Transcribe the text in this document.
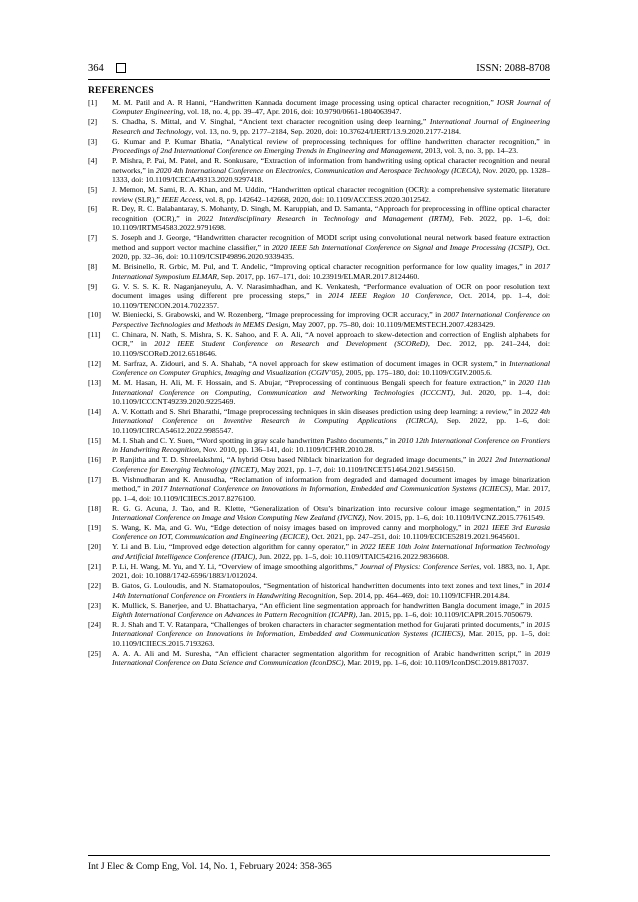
364	ISSN: 2088-8708
REFERENCES
[1]	M. M. Patil and A. R Hanni, “Handwritten Kannada document image processing using optical character recognition,” IOSR Journal of Computer Engineering, vol. 18, no. 4, pp. 39–47, Apr. 2016, doi: 10.9790/0661-1804063947.
[2]	S. Chadha, S. Mittal, and V. Singhal, “Ancient text character recognition using deep learning,” International Journal of Engineering Research and Technology, vol. 13, no. 9, pp. 2177–2184, Sep. 2020, doi: 10.37624/IJERT/13.9.2020.2177-2184.
[3]	G. Kumar and P. Kumar Bhatia, “Analytical review of preprocessing techniques for offline handwritten character recognition,” in Proceedings of 2nd International Conference on Emerging Trends in Engineering and Management, 2013, vol. 3, no. 3, pp. 14–23.
[4]	P. Mishra, P. Pai, M. Patel, and R. Sonkusare, “Extraction of information from handwriting using optical character recognition and neural networks,” in 2020 4th International Conference on Electronics, Communication and Aerospace Technology (ICECA), Nov. 2020, pp. 1328–1333, doi: 10.1109/ICECA49313.2020.9297418.
[5]	J. Memon, M. Sami, R. A. Khan, and M. Uddin, “Handwritten optical character recognition (OCR): a comprehensive systematic literature review (SLR),” IEEE Access, vol. 8, pp. 142642–142668, 2020, doi: 10.1109/ACCESS.2020.3012542.
[6]	R. Dey, R. C. Balabantaray, S. Mohanty, D. Singh, M. Karuppiah, and D. Samanta, “Approach for preprocessing in offline optical character recognition (OCR),” in 2022 Interdisciplinary Research in Technology and Management (IRTM), Feb. 2022, pp. 1–6, doi: 10.1109/IRTM54583.2022.9791698.
[7]	S. Joseph and J. George, “Handwritten character recognition of MODI script using convolutional neural network based feature extraction method and support vector machine classifier,” in 2020 IEEE 5th International Conference on Signal and Image Processing (ICSIP), Oct. 2020, pp. 32–36, doi: 10.1109/ICSIP49896.2020.9339435.
[8]	M. Brisinello, R. Grbic, M. Pul, and T. Andelic, “Improving optical character recognition performance for low quality images,” in 2017 International Symposium ELMAR, Sep. 2017, pp. 167–171, doi: 10.23919/ELMAR.2017.8124460.
[9]	G. V. S. S. K. R. Naganjaneyulu, A. V. Narasimhadhan, and K. Venkatesh, “Performance evaluation of OCR on poor resolution text document images using different pre processing steps,” in 2014 IEEE Region 10 Conference, Oct. 2014, pp. 1–4, doi: 10.1109/TENCON.2014.7022357.
[10]	W. Bieniecki, S. Grabowski, and W. Rozenberg, “Image preprocessing for improving OCR accuracy,” in 2007 International Conference on Perspective Technologies and Methods in MEMS Design, May 2007, pp. 75–80, doi: 10.1109/MEMSTECH.2007.4283429.
[11]	C. Chinara, N. Nath, S. Mishra, S. K. Sahoo, and F. A. Ali, “A novel approach to skew-detection and correction of English alphabets for OCR,” in 2012 IEEE Student Conference on Research and Development (SCOReD), Dec. 2012, pp. 241–244, doi: 10.1109/SCOReD.2012.6518646.
[12]	M. Sarfraz, A. Zidouri, and S. A. Shahab, “A novel approach for skew estimation of document images in OCR system,” in International Conference on Computer Graphics, Imaging and Visualization (CGIV’05), 2005, pp. 175–180, doi: 10.1109/CGIV.2005.6.
[13]	M. M. Hasan, H. Ali, M. F. Hossain, and S. Abujar, “Preprocessing of continuous Bengali speech for feature extraction,” in 2020 11th International Conference on Computing, Communication and Networking Technologies (ICCCNT), Jul. 2020, pp. 1–4, doi: 10.1109/ICCCNT49239.2020.9225469.
[14]	A. V. Kottath and S. Shri Bharathi, “Image preprocessing techniques in skin diseases prediction using deep learning: a review,” in 2022 4th International Conference on Inventive Research in Computing Applications (ICIRCA), Sep. 2022, pp. 1–6, doi: 10.1109/ICIRCA54612.2022.9985547.
[15]	M. I. Shah and C. Y. Suen, “Word spotting in gray scale handwritten Pashto documents,” in 2010 12th International Conference on Frontiers in Handwriting Recognition, Nov. 2010, pp. 136–141, doi: 10.1109/ICFHR.2010.28.
[16]	P. Ranjitha and T. D. Shreelakshmi, “A hybrid Otsu based Niblack binarization for degraded image documents,” in 2021 2nd International Conference for Emerging Technology (INCET), May 2021, pp. 1–7, doi: 10.1109/INCET51464.2021.9456150.
[17]	B. Vishnudharan and K. Anusudha, “Reclamation of information from degraded and damaged document images by image binarization method,” in 2017 International Conference on Innovations in Information, Embedded and Communication Systems (ICIIECS), Mar. 2017, pp. 1–4, doi: 10.1109/ICIIECS.2017.8276100.
[18]	R. G. G. Acuna, J. Tao, and R. Klette, “Generalization of Otsu’s binarization into recursive colour image segmentation,” in 2015 International Conference on Image and Vision Computing New Zealand (IVCNZ), Nov. 2015, pp. 1–6, doi: 10.1109/IVCNZ.2015.7761549.
[19]	S. Wang, K. Ma, and G. Wu, “Edge detection of noisy images based on improved canny and morphology,” in 2021 IEEE 3rd Eurasia Conference on IOT, Communication and Engineering (ECICE), Oct. 2021, pp. 247–251, doi: 10.1109/ECICE52819.2021.9645601.
[20]	Y. Li and B. Liu, “Improved edge detection algorithm for canny operator,” in 2022 IEEE 10th Joint International Information Technology and Artificial Intelligence Conference (ITAIC), Jun. 2022, pp. 1–5, doi: 10.1109/ITAIC54216.2022.9836608.
[21]	P. Li, H. Wang, M. Yu, and Y. Li, “Overview of image smoothing algorithms,” Journal of Physics: Conference Series, vol. 1883, no. 1, Apr. 2021, doi: 10.1088/1742-6596/1883/1/012024.
[22]	B. Gatos, G. Louloudis, and N. Stamatopoulos, “Segmentation of historical handwritten documents into text zones and text lines,” in 2014 14th International Conference on Frontiers in Handwriting Recognition, Sep. 2014, pp. 464–469, doi: 10.1109/ICFHR.2014.84.
[23]	K. Mullick, S. Banerjee, and U. Bhattacharya, “An efficient line segmentation approach for handwritten Bangla document image,” in 2015 Eighth International Conference on Advances in Pattern Recognition (ICAPR), Jan. 2015, pp. 1–6, doi: 10.1109/ICAPR.2015.7050679.
[24]	R. J. Shah and T. V. Ratanpara, “Challenges of broken characters in character segmentation method for Gujarati printed documents,” in 2015 International Conference on Innovations in Information, Embedded and Communication Systems (ICIIECS), Mar. 2015, pp. 1–5, doi: 10.1109/ICIIECS.2015.7193263.
[25]	A. A. A. Ali and M. Suresha, “An efficient character segmentation algorithm for recognition of Arabic handwritten script,” in 2019 International Conference on Data Science and Communication (IconDSC), Mar. 2019, pp. 1–6, doi: 10.1109/IconDSC.2019.8817037.
Int J Elec & Comp Eng, Vol. 14, No. 1, February 2024: 358-365
